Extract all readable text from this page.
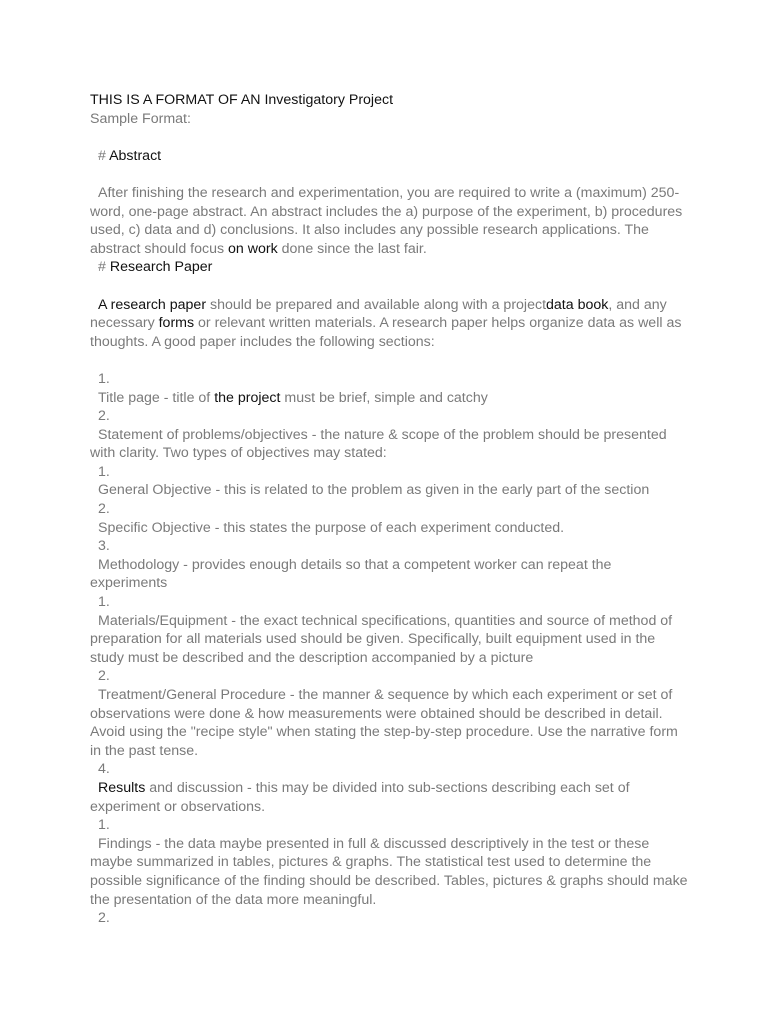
THIS IS A FORMAT OF AN Investigatory Project
Sample Format:
# Abstract
After finishing the research and experimentation, you are required to write a (maximum) 250-word, one-page abstract. An abstract includes the a) purpose of the experiment, b) procedures used, c) data and d) conclusions. It also includes any possible research applications. The abstract should focus on work done since the last fair.
# Research Paper
A research paper should be prepared and available along with a projectdata book, and any necessary forms or relevant written materials. A research paper helps organize data as well as thoughts. A good paper includes the following sections:
1.
Title page - title of the project must be brief, simple and catchy
2.
Statement of problems/objectives - the nature & scope of the problem should be presented with clarity. Two types of objectives may stated:
1.
General Objective - this is related to the problem as given in the early part of the section
2.
Specific Objective - this states the purpose of each experiment conducted.
3.
Methodology - provides enough details so that a competent worker can repeat the experiments
1.
Materials/Equipment - the exact technical specifications, quantities and source of method of preparation for all materials used should be given. Specifically, built equipment used in the study must be described and the description accompanied by a picture
2.
Treatment/General Procedure - the manner & sequence by which each experiment or set of observations were done & how measurements were obtained should be described in detail. Avoid using the "recipe style" when stating the step-by-step procedure. Use the narrative form in the past tense.
4.
Results and discussion - this may be divided into sub-sections describing each set of experiment or observations.
1.
Findings - the data maybe presented in full & discussed descriptively in the test or these maybe summarized in tables, pictures & graphs. The statistical test used to determine the possible significance of the finding should be described. Tables, pictures & graphs should make the presentation of the data more meaningful.
2.
